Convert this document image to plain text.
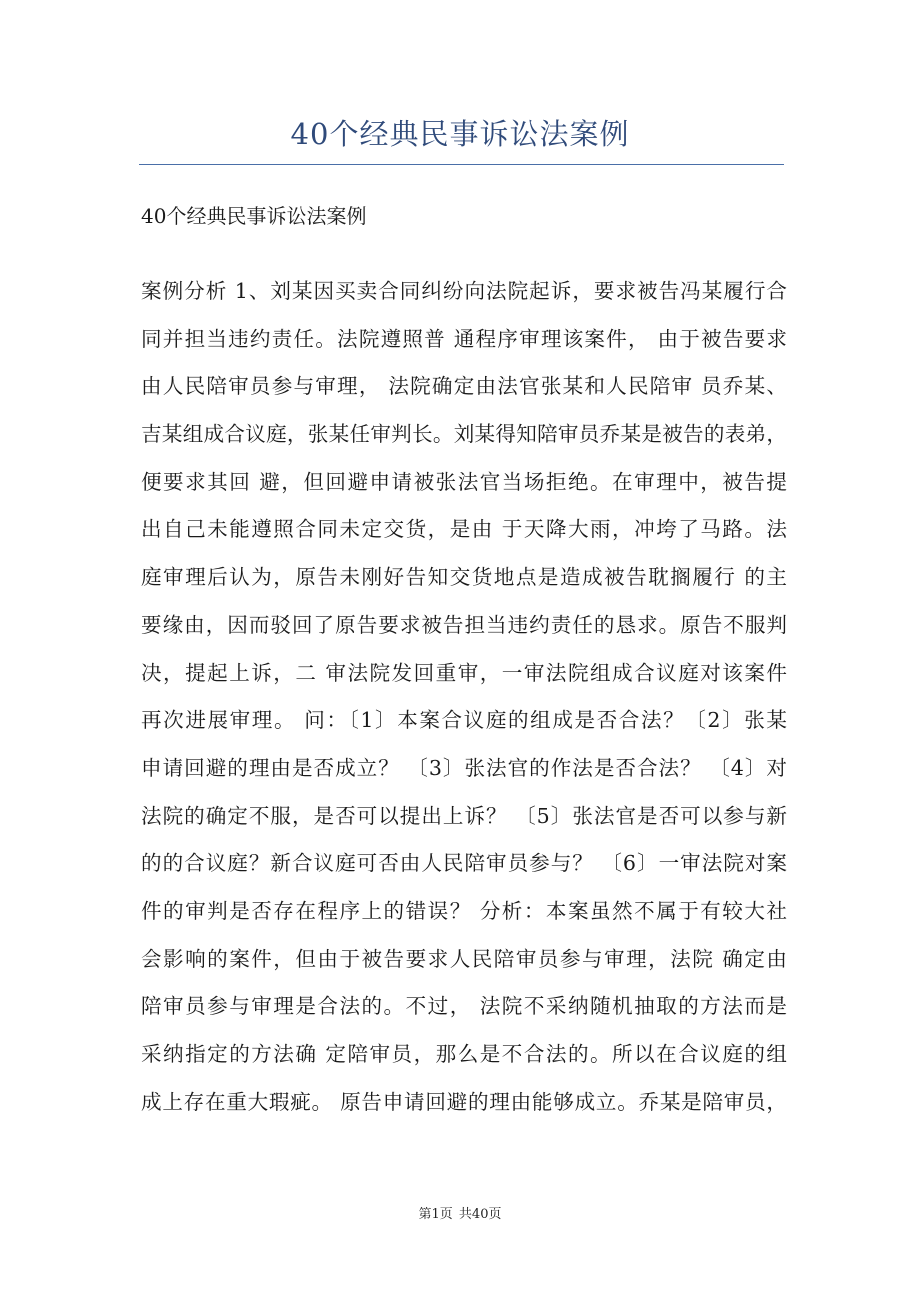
40个经典民事诉讼法案例
40个经典民事诉讼法案例
案例分析 1、刘某因买卖合同纠纷向法院起诉，要求被告冯某履行合
同并担当违约责任。法院遵照普 通程序审理该案件， 由于被告要求
由人民陪审员参与审理， 法院确定由法官张某和人民陪审 员乔某、
吉某组成合议庭，张某任审判长。刘某得知陪审员乔某是被告的表弟，
便要求其回 避，但回避申请被张法官当场拒绝。在审理中，被告提
出自己未能遵照合同未定交货，是由 于天降大雨，冲垮了马路。法
庭审理后认为，原告未刚好告知交货地点是造成被告耽搁履行 的主
要缘由，因而驳回了原告要求被告担当违约责任的恳求。原告不服判
决，提起上诉，二 审法院发回重审，一审法院组成合议庭对该案件
再次进展审理。 问：〔1〕本案合议庭的组成是否合法？〔2〕张某
申请回避的理由是否成立？ 〔3〕张法官的作法是否合法？ 〔4〕对
法院的确定不服，是否可以提出上诉？ 〔5〕张法官是否可以参与新
的的合议庭？新合议庭可否由人民陪审员参与？ 〔6〕一审法院对案
件的审判是否存在程序上的错误？ 分析：本案虽然不属于有较大社
会影响的案件，但由于被告要求人民陪审员参与审理，法院 确定由
陪审员参与审理是合法的。不过， 法院不采纳随机抽取的方法而是
采纳指定的方法确 定陪审员，那么是不合法的。所以在合议庭的组
成上存在重大瑕疵。 原告申请回避的理由能够成立。乔某是陪审员，
第1页 共40页
